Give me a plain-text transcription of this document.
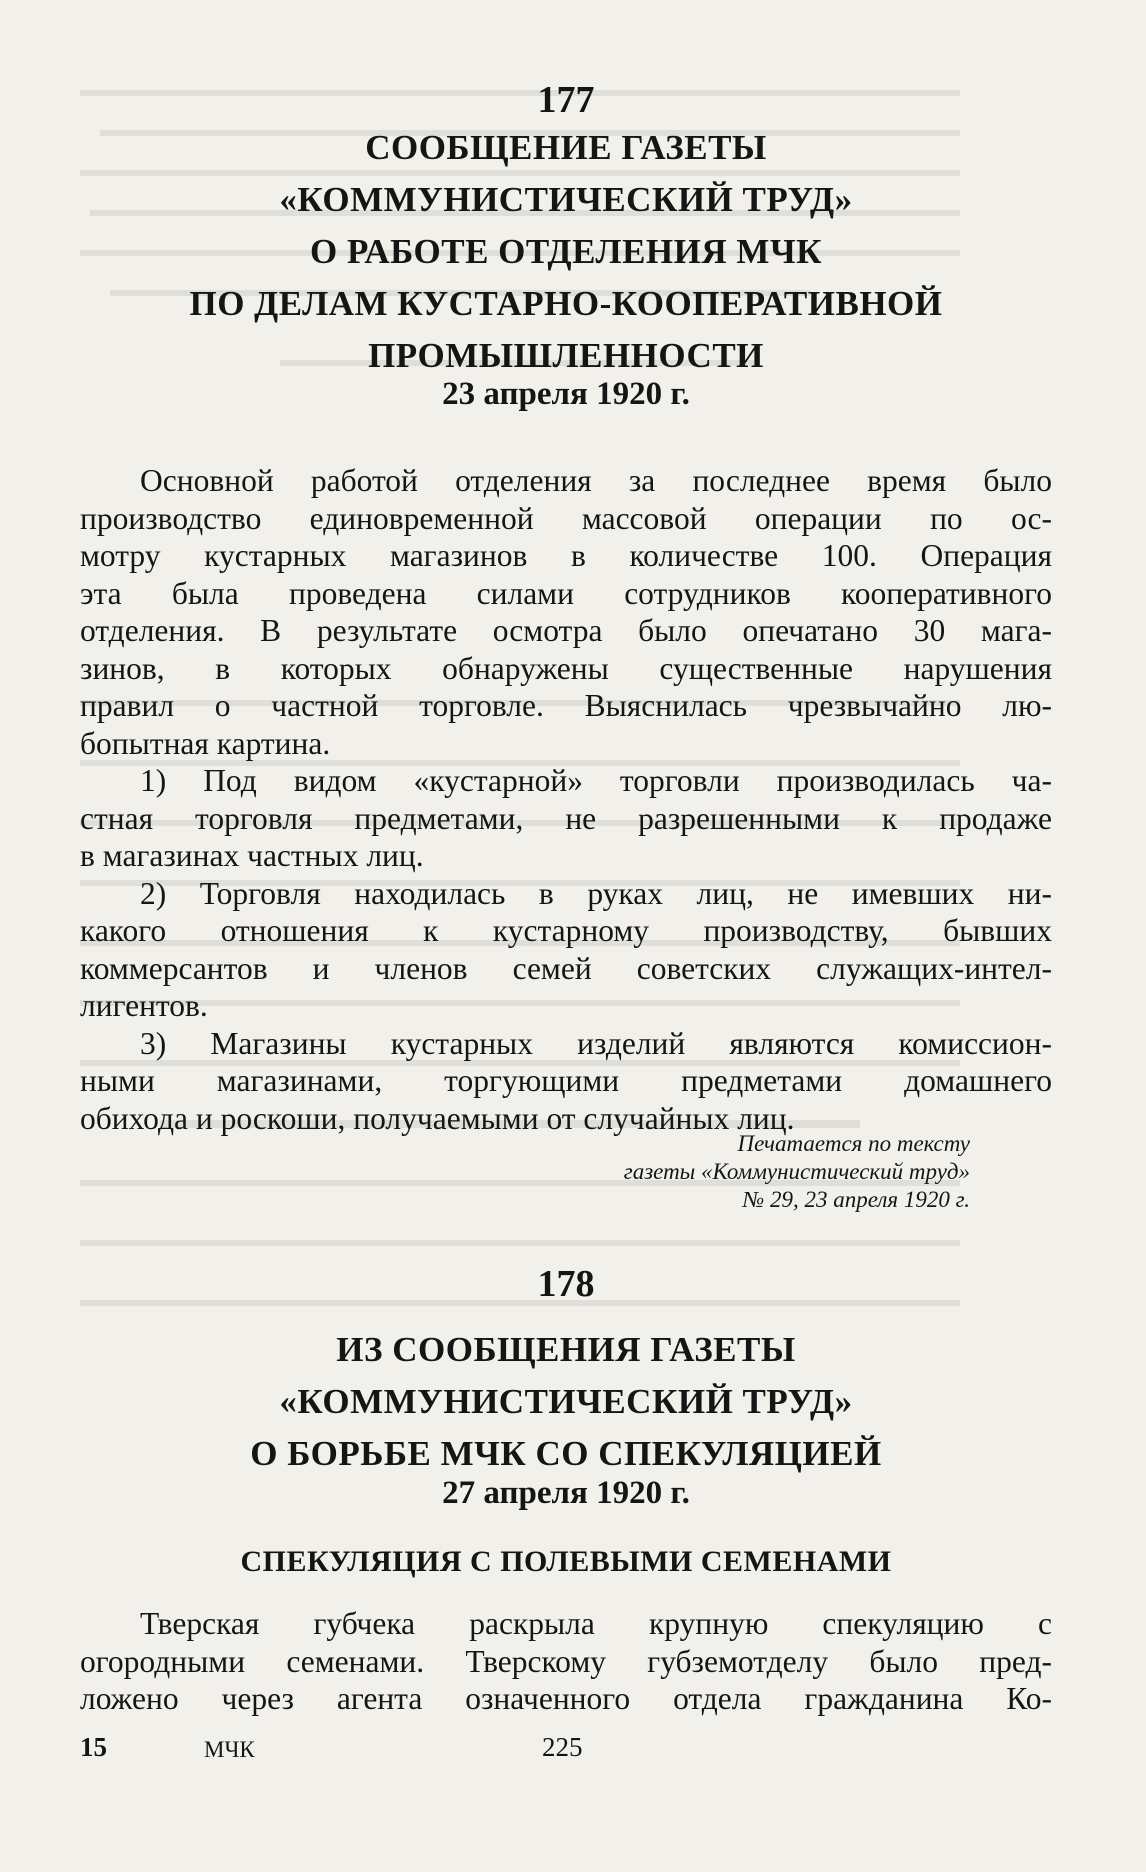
177
СООБЩЕНИЕ ГАЗЕТЫ
«КОММУНИСТИЧЕСКИЙ ТРУД»
О РАБОТЕ ОТДЕЛЕНИЯ МЧК
ПО ДЕЛАМ КУСТАРНО-КООПЕРАТИВНОЙ
ПРОМЫШЛЕННОСТИ
23 апреля 1920 г.
Основной работой отделения за последнее время было
производство единовременной массовой операции по ос-
мотру кустарных магазинов в количестве 100. Операция
эта была проведена силами сотрудников кооперативного
отделения. В результате осмотра было опечатано 30 мага-
зинов, в которых обнаружены существенные нарушения
правил о частной торговле. Выяснилась чрезвычайно лю-
бопытная картина.
1) Под видом «кустарной» торговли производилась ча-
стная торговля предметами, не разрешенными к продаже
в магазинах частных лиц.
2) Торговля находилась в руках лиц, не имевших ни-
какого отношения к кустарному производству, бывших
коммерсантов и членов семей советских служащих-интел-
лигентов.
3) Магазины кустарных изделий являются комиссион-
ными магазинами, торгующими предметами домашнего
обихода и роскоши, получаемыми от случайных лиц.
Печатается по тексту
газеты «Коммунистический труд»
№ 29, 23 апреля 1920 г.
178
ИЗ СООБЩЕНИЯ ГАЗЕТЫ
«КОММУНИСТИЧЕСКИЙ ТРУД»
О БОРЬБЕ МЧК СО СПЕКУЛЯЦИЕЙ
27 апреля 1920 г.
СПЕКУЛЯЦИЯ С ПОЛЕВЫМИ СЕМЕНАМИ
Тверская губчека раскрыла крупную спекуляцию с
огородными семенами. Тверскому губземотделу было пред-
ложено через агента означенного отдела гражданина Ко-
15	МЧК	225
